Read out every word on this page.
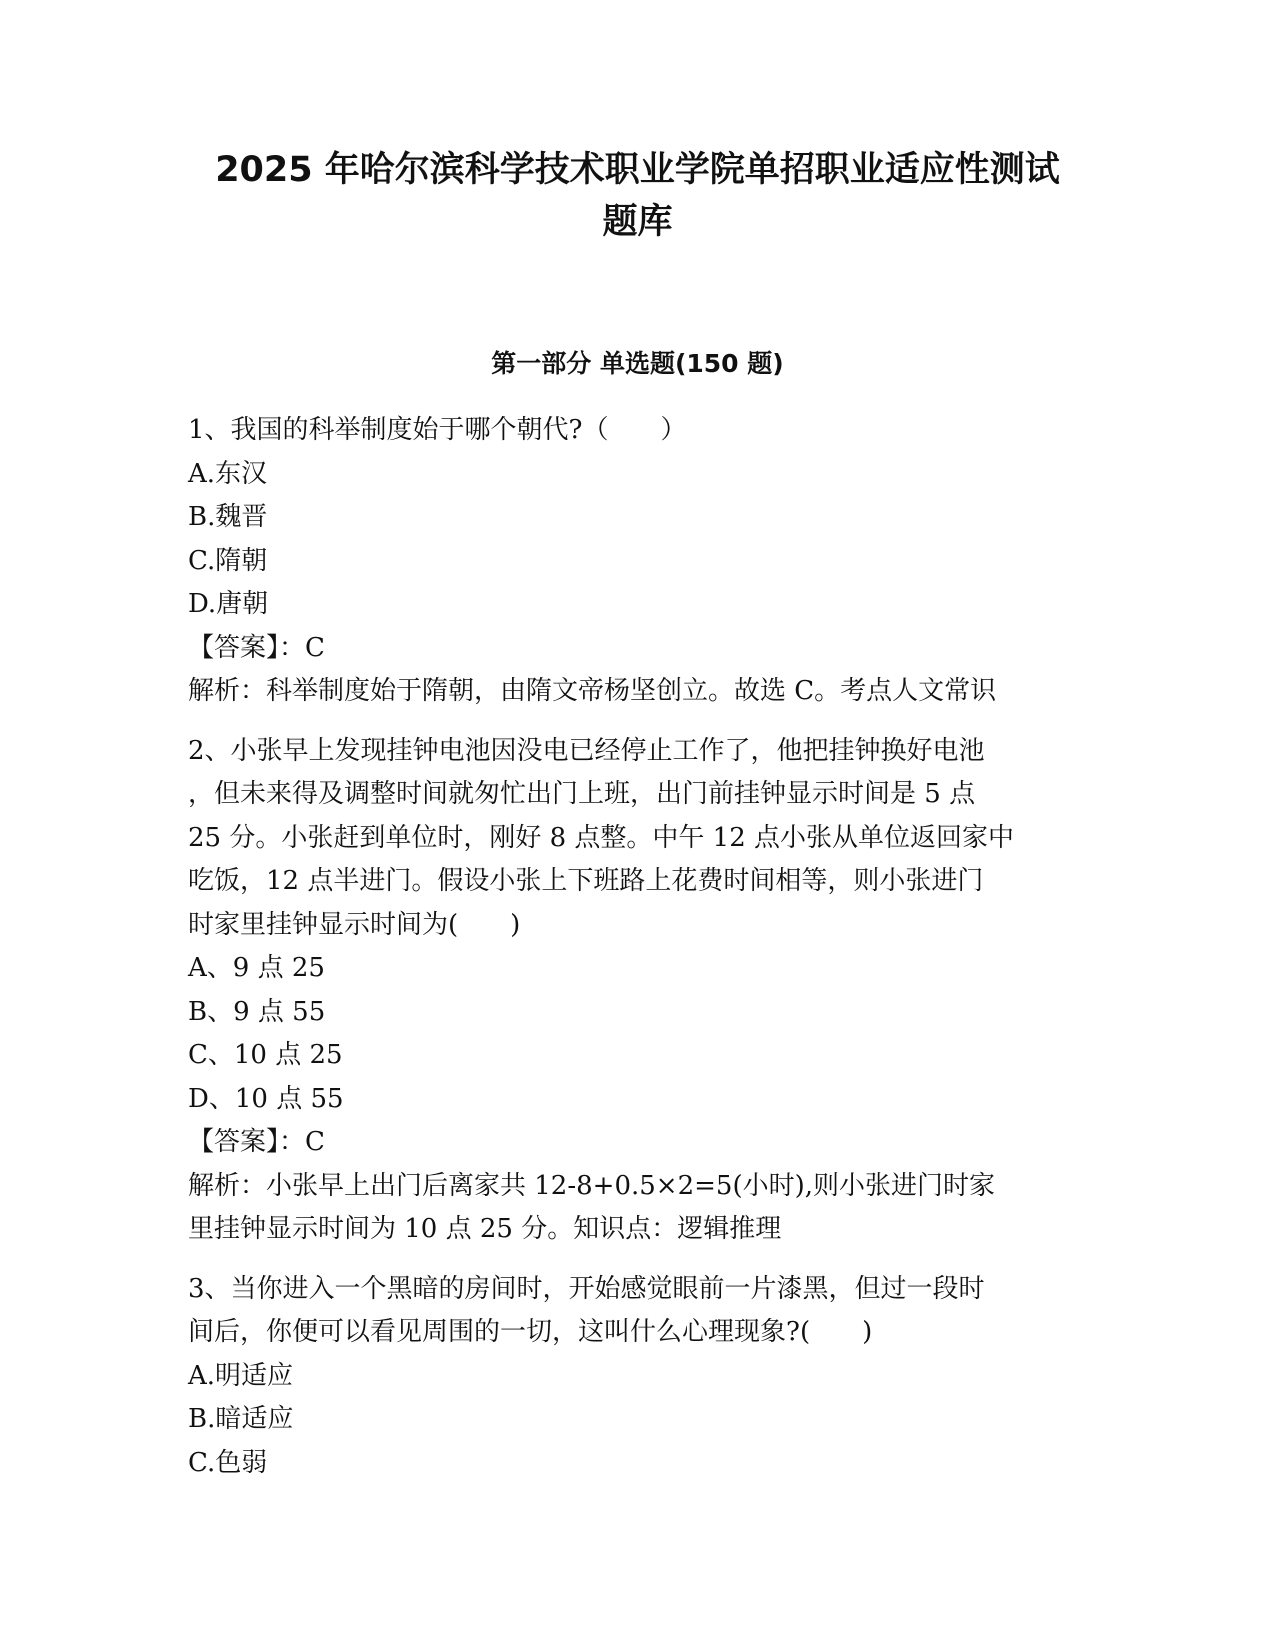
2025 年哈尔滨科学技术职业学院单招职业适应性测试
题库
第一部分 单选题(150 题)
1、我国的科举制度始于哪个朝代?（　　）
A.东汉
B.魏晋
C.隋朝
D.唐朝
【答案】：C
解析：科举制度始于隋朝，由隋文帝杨坚创立。故选 C。考点人文常识
2、小张早上发现挂钟电池因没电已经停止工作了，他把挂钟换好电池
，但未来得及调整时间就匆忙出门上班，出门前挂钟显示时间是 5 点
25 分。小张赶到单位时，刚好 8 点整。中午 12 点小张从单位返回家中
吃饭，12 点半进门。假设小张上下班路上花费时间相等，则小张进门
时家里挂钟显示时间为(　　)
A、9 点 25
B、9 点 55
C、10 点 25
D、10 点 55
【答案】：C
解析：小张早上出门后离家共 12-8+0.5×2=5(小时),则小张进门时家
里挂钟显示时间为 10 点 25 分。知识点：逻辑推理
3、当你进入一个黑暗的房间时，开始感觉眼前一片漆黑，但过一段时
间后，你便可以看见周围的一切，这叫什么心理现象?(　　)
A.明适应
B.暗适应
C.色弱
